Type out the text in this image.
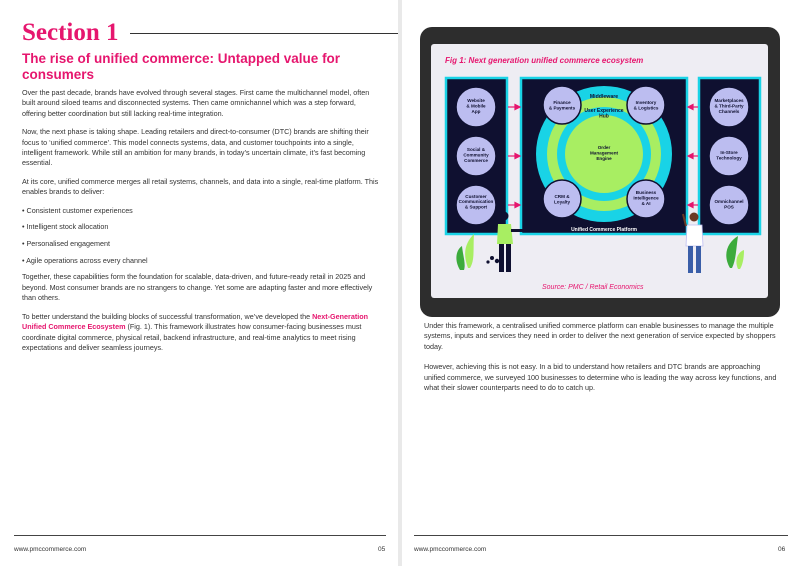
Section 1
The rise of unified commerce: Untapped value for consumers

Over the past decade, brands have evolved through several stages. First came the multichannel model, often built around siloed teams and disconnected systems. Then came omnichannel which was a step forward, offering better coordination but still lacking real-time integration.

Now, the next phase is taking shape. Leading retailers and direct-to-consumer (DTC) brands are shifting their focus to ‘unified commerce’. This model connects systems, data, and customer touchpoints into a single, intelligent framework. While still an ambition for many brands, in today’s uncertain climate, it’s fast becoming essential.

At its core, unified commerce merges all retail systems, channels, and data into a single, real-time platform. This enables brands to deliver:

• Consistent customer experiences
• Intelligent stock allocation
• Personalised engagement
• Agile operations across every channel

Together, these capabilities form the foundation for scalable, data-driven, and future-ready retail in 2025 and beyond. Most consumer brands are no strangers to change. Yet some are adapting faster and more effectively than others.

To better understand the building blocks of successful transformation, we’ve developed the Next-Generation Unified Commerce Ecosystem (Fig. 1). This framework illustrates how consumer-facing businesses must coordinate digital commerce, physical retail, backend infrastructure, and real-time analytics to meet rising expectations and deliver seamless journeys.

www.pmccommerce.com	05
Fig 1: Next generation unified commerce ecosystem
Website & Mobile App
Social & Community Commerce
Customer Communication & Support
Marketplaces & Third-Party Channels
In-Store Technology
Omnichannel POS
Finance & Payments
Inventory & Logistics
CRM & Loyalty
Business Intelligence & AI
Order Management Engine
User Experience Hub
Middleware
Unified Commerce Platform
Source: PMC / Retail Economics

Under this framework, a centralised unified commerce platform can enable businesses to manage the multiple systems, inputs and services they need in order to deliver the next generation of service expected by shoppers today.

However, achieving this is not easy. In a bid to understand how retailers and DTC brands are approaching unified commerce, we surveyed 100 businesses to determine who is leading the way across key functions, and what their slower counterparts need to do to catch up.

www.pmccommerce.com	06
